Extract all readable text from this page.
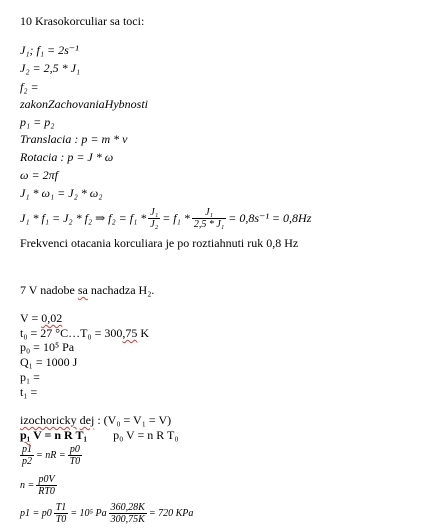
10 Krasokorculiar sa toci:
J₁; f₁ = 2s⁻¹
J₂ = 2,5 * J₁
f₂ =
zakonZachovaniaHybnosti
p₁ = p₂
Translacia : p = m * v
Rotacia : p = J * ω
ω = 2πf
J₁ * ω₁ = J₂ * ω₂
J₁ * f₁ = J₂ * f₂ ⇒ $f_2 = f_1 * \frac{\text{J₁}}{\text{J₂}} = f_1 * \frac{\text{J₁}}{\text{2,5 * J₁}} = 0,8s^{-1} = 0,8Hz$
Frekvenci otacania korculiara je po roztiahnuti ruk 0,8 Hz
7 V nadobe sa nachadza H₂.
V = 0,02
t₀ = 27 °C…T₀ = 300,75 K
p₀ = 10⁵ Pa
Q₁ = 1000 J
p₁ =
t₁ =
izochoricky dej : (V₀ = V₁ = V)
p₁ V = n R T₁ p₀ V = n R T₀
$\frac{p1}{p2}$ = nR = $\frac{p0}{T0}$
$n = \frac{p0V}{RT0}$
$p1 = p0 \frac{T1}{T0} = 10^5$ Pa $\frac{360,28K}{300,75K} = 720$ KPa
